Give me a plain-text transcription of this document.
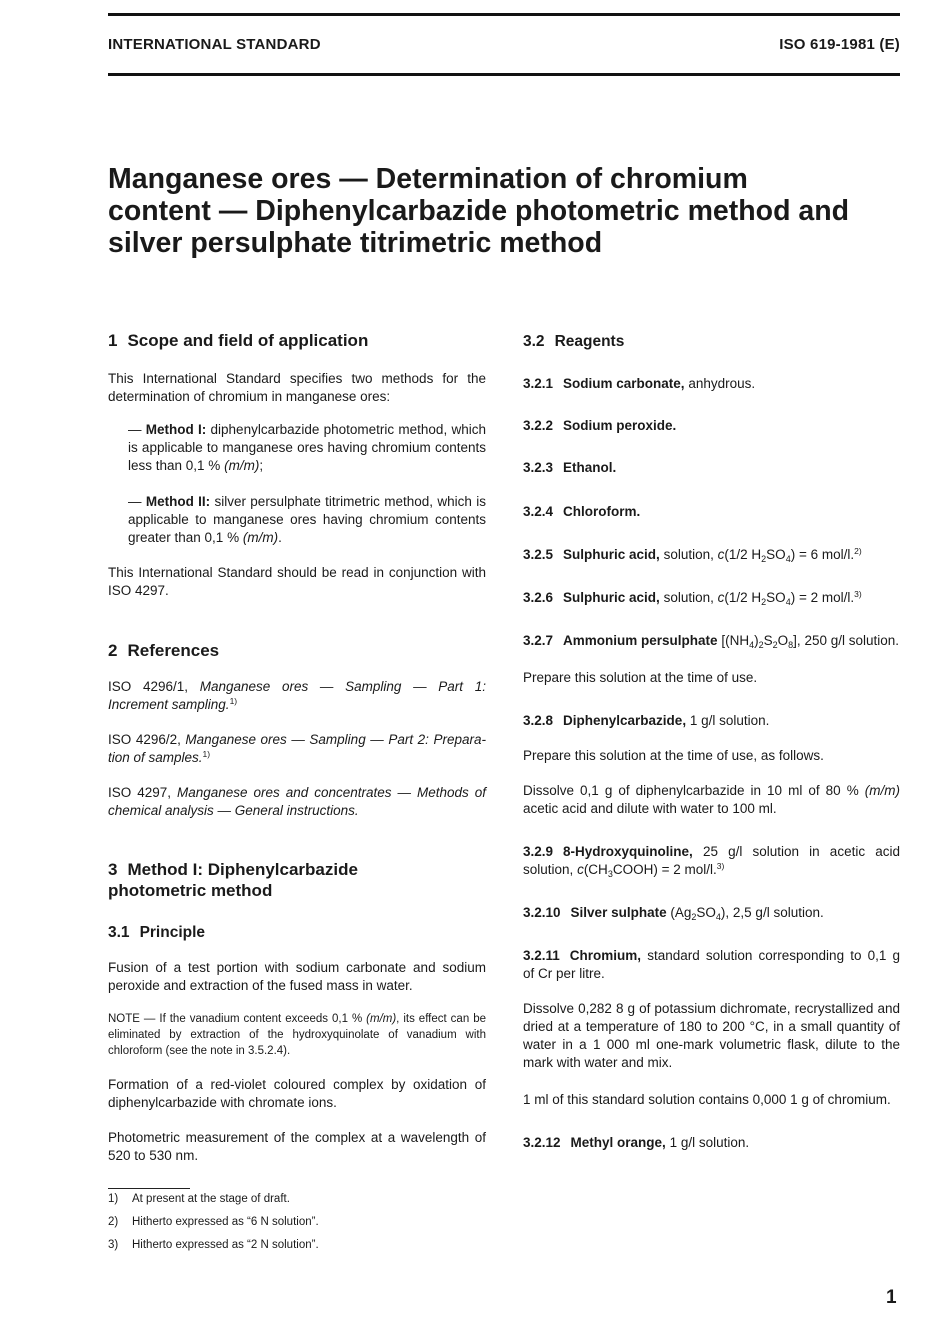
INTERNATIONAL STANDARD	ISO 619-1981 (E)
Manganese ores — Determination of chromium
content — Diphenylcarbazide photometric method and
silver persulphate titrimetric method
1 Scope and field of application

This International Standard specifies two methods for the determination of chromium in manganese ores:

— Method I: diphenylcarbazide photometric method, which is applicable to manganese ores having chromium contents less than 0,1 % (m/m);

— Method II: silver persulphate titrimetric method, which is applicable to manganese ores having chromium contents greater than 0,1 % (m/m).

This International Standard should be read in conjunction with ISO 4297.

2 References

ISO 4296/1, Manganese ores — Sampling — Part 1: Increment sampling.$^{1)}$

ISO 4296/2, Manganese ores — Sampling — Part 2: Prepara-tion of samples.$^{1)}$

ISO 4297, Manganese ores and concentrates — Methods of chemical analysis — General instructions.

3 Method I: Diphenylcarbazide photometric method
3.1 Principle

Fusion of a test portion with sodium carbonate and sodium peroxide and extraction of the fused mass in water.

NOTE — If the vanadium content exceeds 0,1 % (m/m), its effect can be eliminated by extraction of the hydroxyquinolate of vanadium with chloroform (see the note in 3.5.2.4).

Formation of a red-violet coloured complex by oxidation of diphenylcarbazide with chromate ions.

Photometric measurement of the complex at a wavelength of 520 to 530 nm.

3.2 Reagents

3.2.1 Sodium carbonate, anhydrous.

3.2.2 Sodium peroxide.

3.2.3 Ethanol.

3.2.4 Chloroform.

3.2.5 Sulphuric acid, solution, c(1/2 $H_2SO_4) = 6$ mol/l.$^{2)}$

3.2.6 Sulphuric acid, solution, c(1/2 $H_2SO_4) = 2$ mol/l.$^{3)}$

3.2.7 Ammonium persulphate $[(NH_4)_2S_2O_8]$, 250 g/l solution.

Prepare this solution at the time of use.

3.2.8 Diphenylcarbazide, 1 g/l solution.

Prepare this solution at the time of use, as follows.

Dissolve 0,1 g of diphenylcarbazide in 10 ml of 80 % (m/m) acetic acid and dilute with water to 100 ml.

3.2.9 8-Hydroxyquinoline, 25 g/l solution in acetic acid solution, $c(CH_3COOH) = 2$ mol/l.$^{3)}$

3.2.10 Silver sulphate $(Ag_2SO_4)$, 2,5 g/l solution.

3.2.11 Chromium, standard solution corresponding to 0,1 g of Cr per litre.

Dissolve 0,282 8 g of potassium dichromate, recrystallized and dried at a temperature of 180 to 200 °C, in a small quantity of water in a 1 000 ml one-mark volumetric flask, dilute to the mark with water and mix.

1 ml of this standard solution contains 0,000 1 g of chromium.

3.2.12 Methyl orange, 1 g/l solution.

1) At present at the stage of draft.
2) Hitherto expressed as “6 N solution”.
3) Hitherto expressed as “2 N solution”.
1
